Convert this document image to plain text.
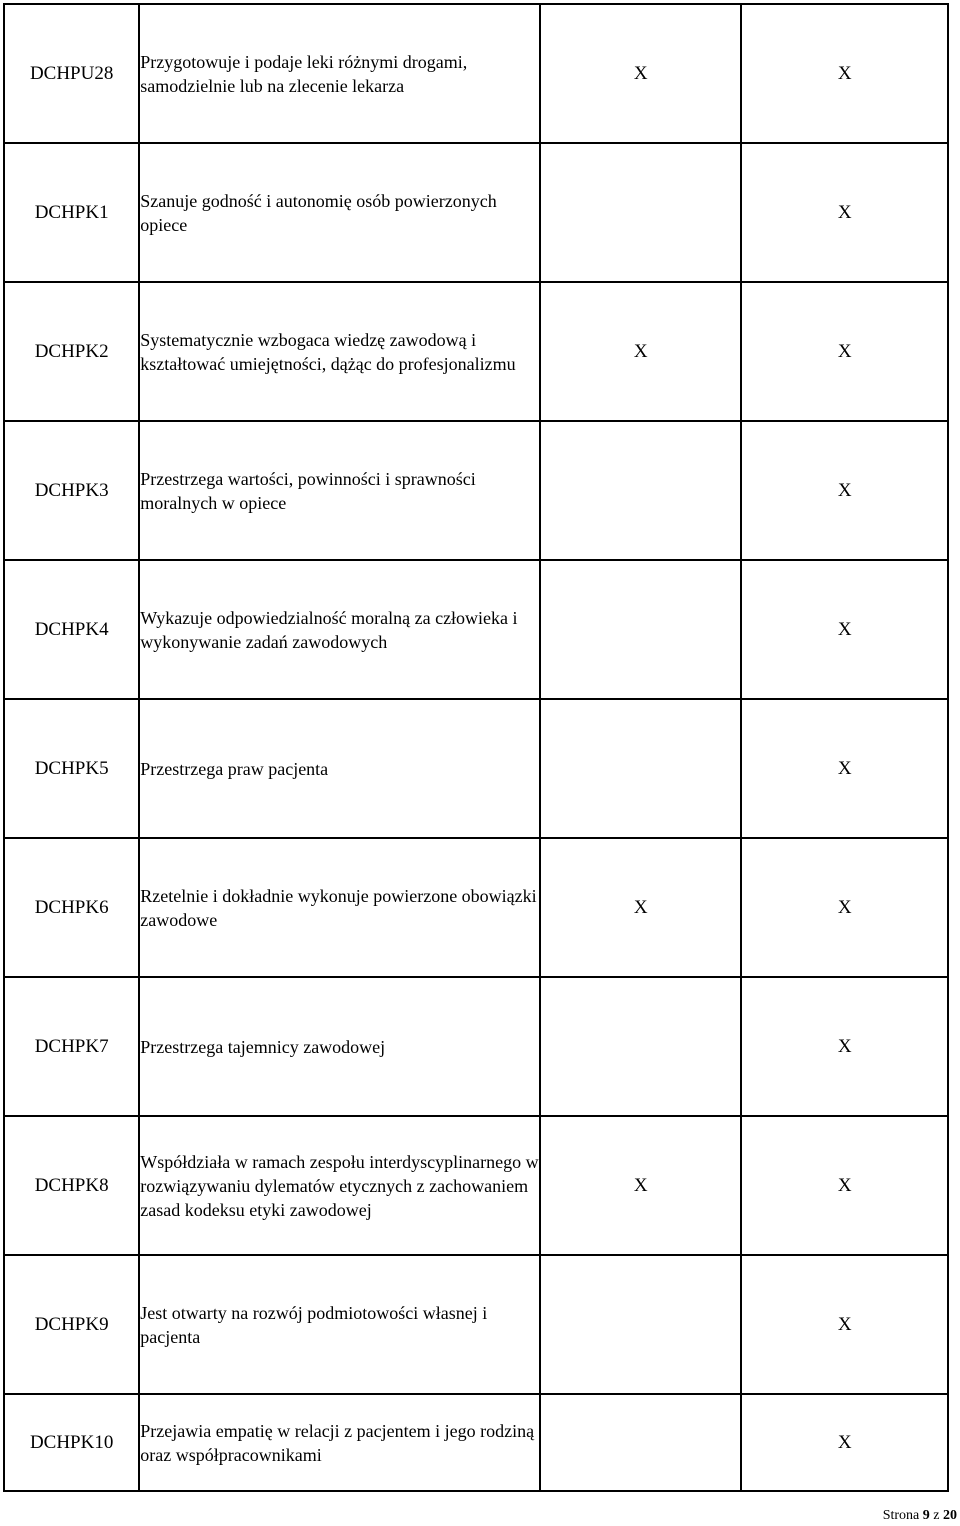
DCHPU28	Przygotowuje i podaje leki różnymi drogami, samodzielnie lub na zlecenie lekarza	X	X
DCHPK1	Szanuje godność i autonomię osób powierzonych opiece		X
DCHPK2	Systematycznie wzbogaca wiedzę zawodową i kształtować umiejętności, dążąc do profesjonalizmu	X	X
DCHPK3	Przestrzega wartości, powinności i sprawności moralnych w opiece		X
DCHPK4	Wykazuje odpowiedzialność moralną za człowieka i wykonywanie zadań zawodowych		X
DCHPK5	Przestrzega praw pacjenta		X
DCHPK6	Rzetelnie i dokładnie wykonuje powierzone obowiązki zawodowe	X	X
DCHPK7	Przestrzega tajemnicy zawodowej		X
DCHPK8	Współdziała w ramach zespołu interdyscyplinarnego w rozwiązywaniu dylematów etycznych z zachowaniem zasad kodeksu etyki zawodowej	X	X
DCHPK9	Jest otwarty na rozwój podmiotowości własnej i pacjenta		X
DCHPK10	Przejawia empatię w relacji z pacjentem i jego rodziną oraz współpracownikami		X
Strona 9 z 20
